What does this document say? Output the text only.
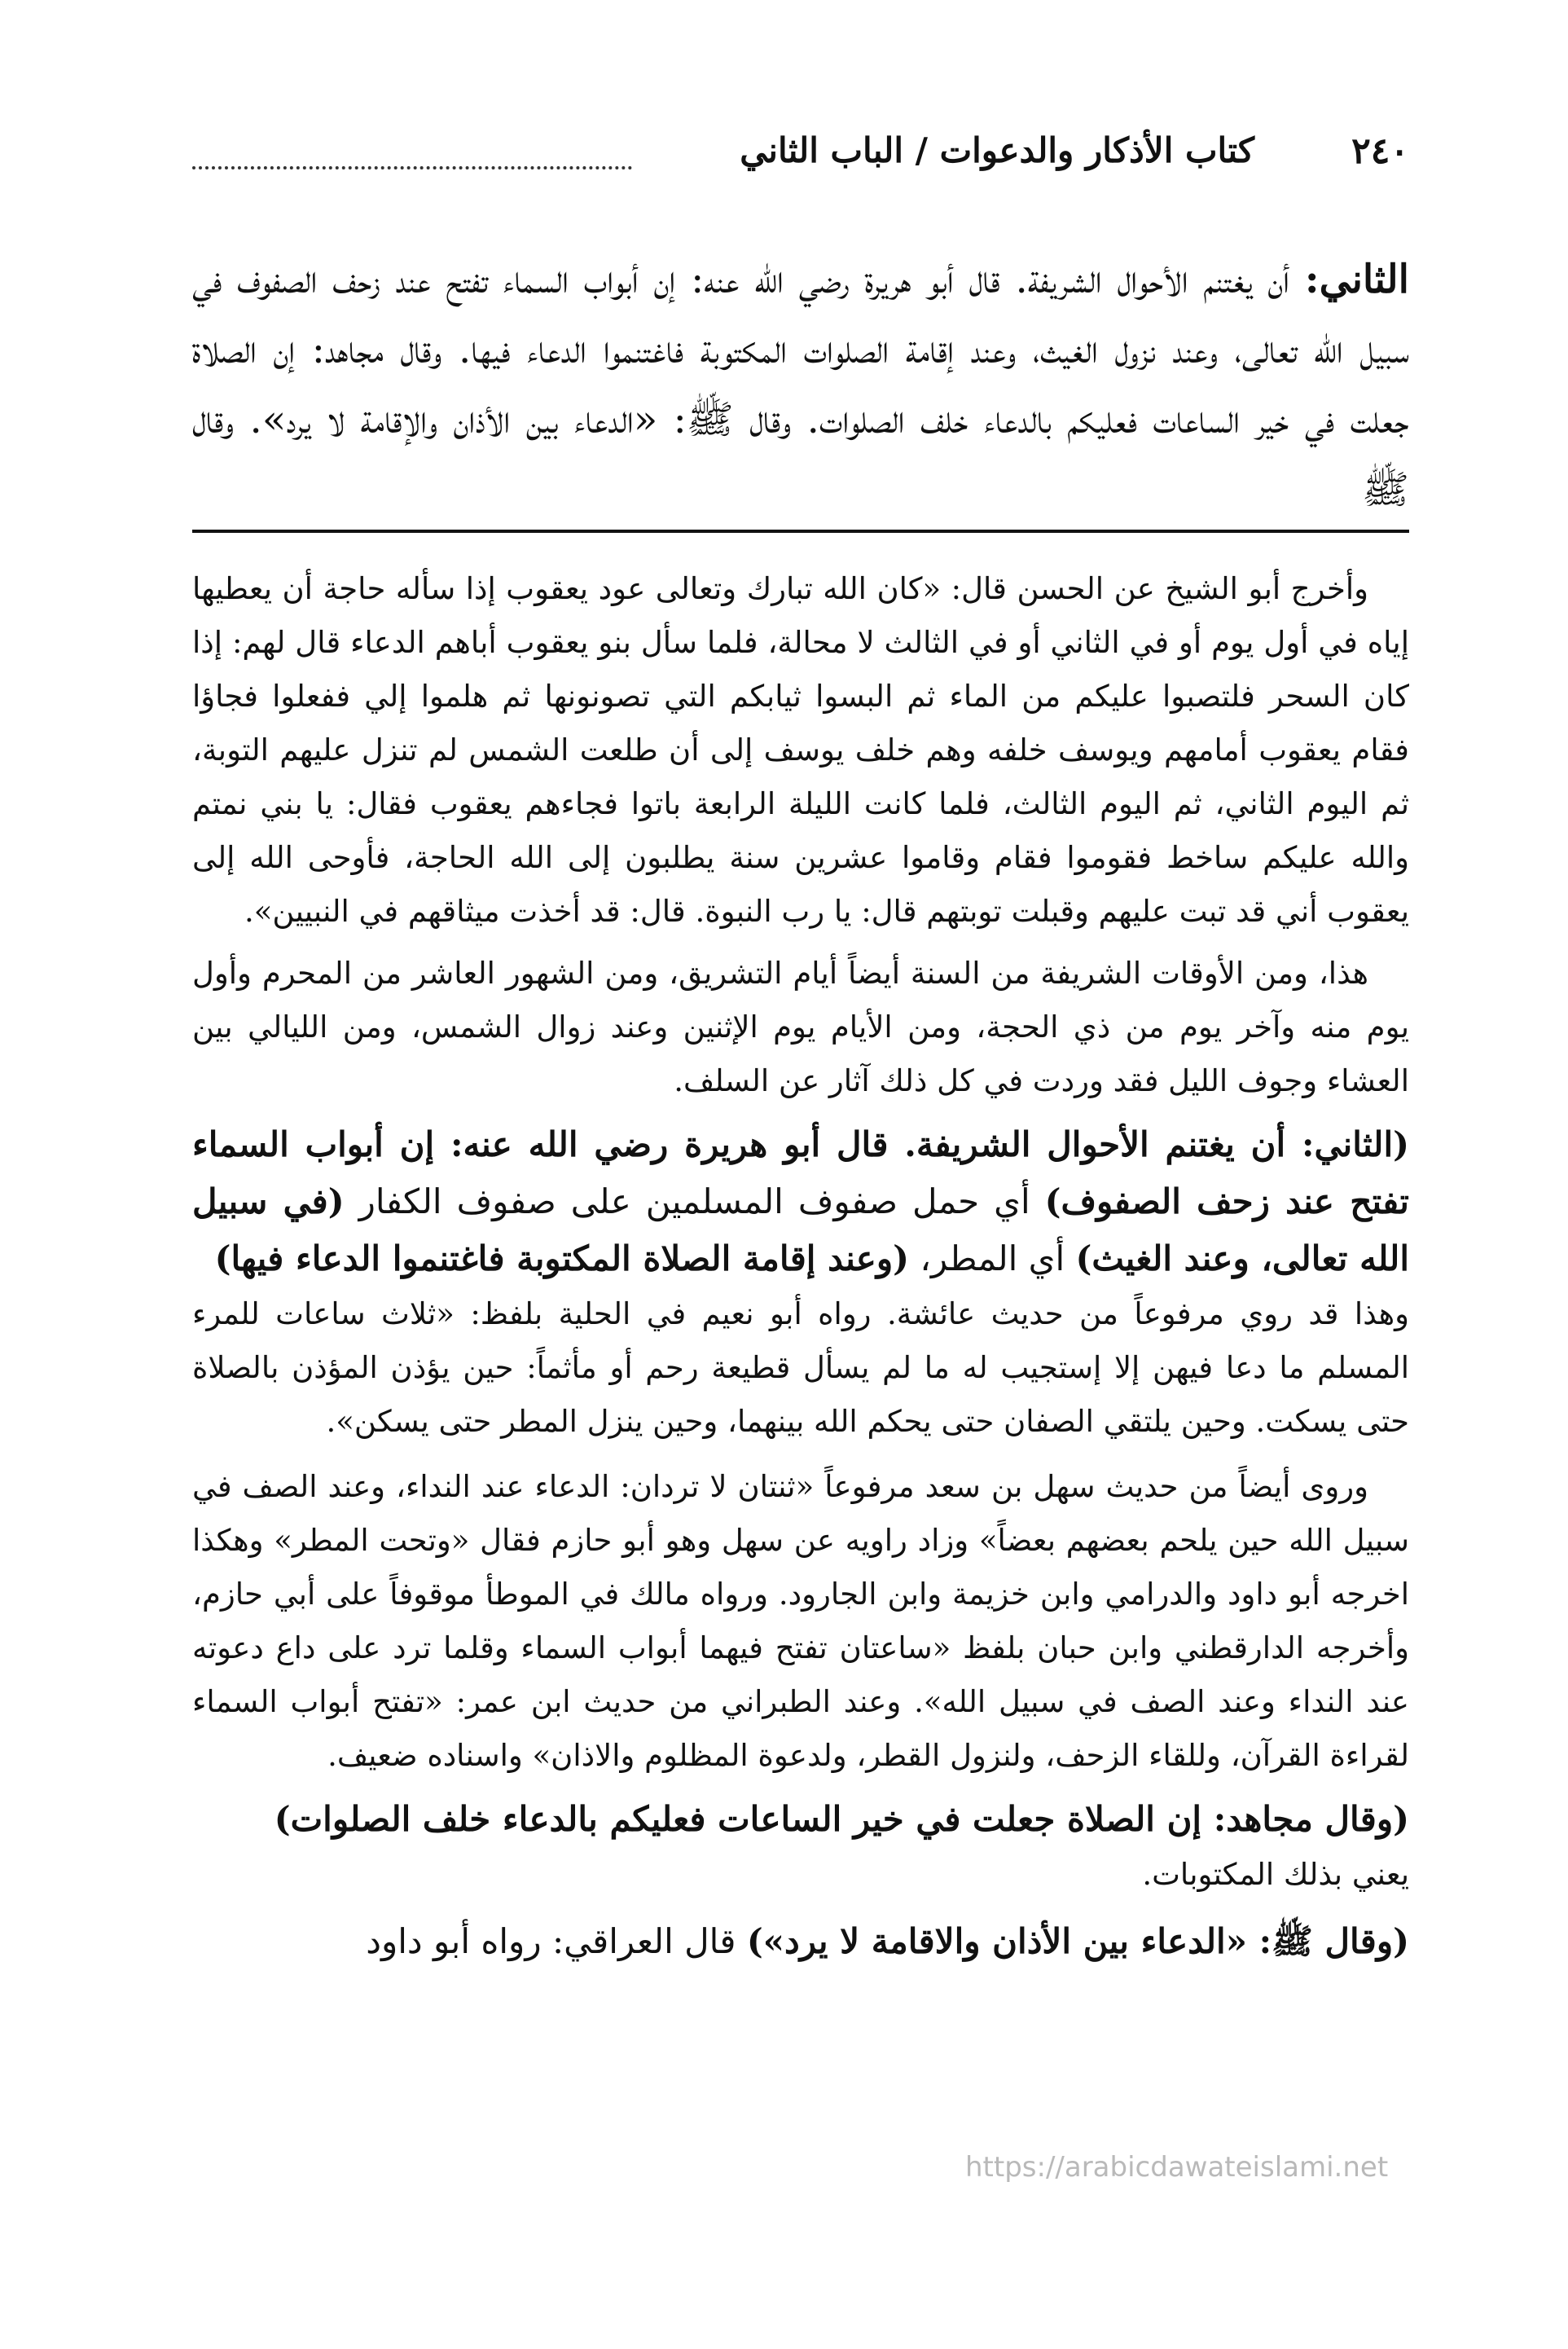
٢٤٠
كتاب الأذكار والدعوات / الباب الثاني
الثاني: أن يغتنم الأحوال الشريفة. قال أبو هريرة رضي الله عنه: إن أبواب السماء تفتح عند زحف الصفوف في سبيل الله تعالى، وعند نزول الغيث، وعند إقامة الصلوات المكتوبة فاغتنموا الدعاء فيها. وقال مجاهد: إن الصلاة جعلت في خير الساعات فعليكم بالدعاء خلف الصلوات. وقال ﷺ: «الدعاء بين الأذان والإقامة لا يرد». وقال ﷺ

وأخرج أبو الشيخ عن الحسن قال: «كان الله تبارك وتعالى عود يعقوب إذا سأله حاجة أن يعطيها إياه في أول يوم أو في الثاني أو في الثالث لا محالة، فلما سأل بنو يعقوب أباهم الدعاء قال لهم: إذا كان السحر فلتصبوا عليكم من الماء ثم البسوا ثيابكم التي تصونونها ثم هلموا إلي ففعلوا فجاؤا فقام يعقوب أمامهم ويوسف خلفه وهم خلف يوسف إلى أن طلعت الشمس لم تنزل عليهم التوبة، ثم اليوم الثاني، ثم اليوم الثالث، فلما كانت الليلة الرابعة باتوا فجاءهم يعقوب فقال: يا بني نمتم والله عليكم ساخط فقوموا فقام وقاموا عشرين سنة يطلبون إلى الله الحاجة، فأوحى الله إلى يعقوب أني قد تبت عليهم وقبلت توبتهم قال: يا رب النبوة. قال: قد أخذت ميثاقهم في النبيين».

هذا، ومن الأوقات الشريفة من السنة أيضاً أيام التشريق، ومن الشهور العاشر من المحرم وأول يوم منه وآخر يوم من ذي الحجة، ومن الأيام يوم الإثنين وعند زوال الشمس، ومن الليالي بين العشاء وجوف الليل فقد وردت في كل ذلك آثار عن السلف.

(الثاني: أن يغتنم الأحوال الشريفة. قال أبو هريرة رضي الله عنه: إن أبواب السماء تفتح عند زحف الصفوف) أي حمل صفوف المسلمين على صفوف الكفار (في سبيل الله تعالى، وعند الغيث) أي المطر، (وعند إقامة الصلاة المكتوبة فاغتنموا الدعاء فيها)

وهذا قد روي مرفوعاً من حديث عائشة. رواه أبو نعيم في الحلية بلفظ: «ثلاث ساعات للمرء المسلم ما دعا فيهن إلا إستجيب له ما لم يسأل قطيعة رحم أو مأثماً: حين يؤذن المؤذن بالصلاة حتى يسكت. وحين يلتقي الصفان حتى يحكم الله بينهما، وحين ينزل المطر حتى يسكن».

وروى أيضاً من حديث سهل بن سعد مرفوعاً «ثنتان لا تردان: الدعاء عند النداء، وعند الصف في سبيل الله حين يلحم بعضهم بعضاً» وزاد راويه عن سهل وهو أبو حازم فقال «وتحت المطر» وهكذا اخرجه أبو داود والدرامي وابن خزيمة وابن الجارود. ورواه مالك في الموطأ موقوفاً على أبي حازم، وأخرجه الدارقطني وابن حبان بلفظ «ساعتان تفتح فيهما أبواب السماء وقلما ترد على داع دعوته عند النداء وعند الصف في سبيل الله». وعند الطبراني من حديث ابن عمر: «تفتح أبواب السماء لقراءة القرآن، وللقاء الزحف، ولنزول القطر، ولدعوة المظلوم والاذان» واسناده ضعيف.

(وقال مجاهد: إن الصلاة جعلت في خير الساعات فعليكم بالدعاء خلف الصلوات)

يعني بذلك المكتوبات.

(وقال ﷺ: «الدعاء بين الأذان والاقامة لا يرد») قال العراقي: رواه أبو داود

https://arabicdawateislami.net
